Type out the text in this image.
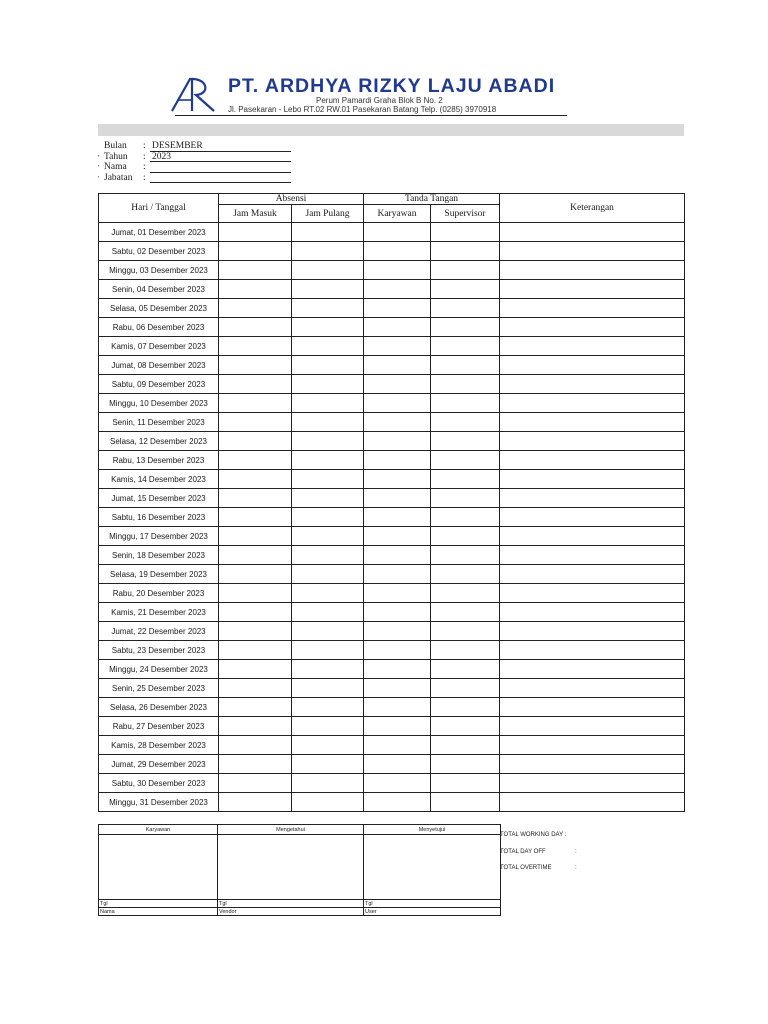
PT. ARDHYA RIZKY LAJU ABADI
Perum Pamardi Graha Blok B No. 2
Jl. Pasekaran - Lebo RT.02 RW.01 Pasekaran Batang Telp. (0285) 3970918
Bulan : DESEMBER
' Tahun : 2023
' Nama :
' Jabatan :
Hari / Tanggal	Absensi		Tanda Tangan		Keterangan
	Jam Masuk	Jam Pulang	Karyawan	Supervisor	
Jumat, 01 Desember 2023					
Sabtu, 02 Desember 2023					
Minggu, 03 Desember 2023					
Senin, 04 Desember 2023					
Selasa, 05 Desember 2023					
Rabu, 06 Desember 2023					
Kamis, 07 Desember 2023					
Jumat, 08 Desember 2023					
Sabtu, 09 Desember 2023					
Minggu, 10 Desember 2023					
Senin, 11 Desember 2023					
Selasa, 12 Desember 2023					
Rabu, 13 Desember 2023					
Kamis, 14 Desember 2023					
Jumat, 15 Desember 2023					
Sabtu, 16 Desember 2023					
Minggu, 17 Desember 2023					
Senin, 18 Desember 2023					
Selasa, 19 Desember 2023					
Rabu, 20 Desember 2023					
Kamis, 21 Desember 2023					
Jumat, 22 Desember 2023					
Sabtu, 23 Desember 2023					
Minggu, 24 Desember 2023					
Senin, 25 Desember 2023					
Selasa, 26 Desember 2023					
Rabu, 27 Desember 2023					
Kamis, 28 Desember 2023					
Jumat, 29 Desember 2023					
Sabtu, 30 Desember 2023					
Minggu, 31 Desember 2023					
Karyawan	Mengetahui	Menyetujui

Tgl	Tgl	Tgl
Nama	Vendor	User
TOTAL WORKING DAY :
TOTAL DAY OFF	:
TOTAL OVERTIME	:
